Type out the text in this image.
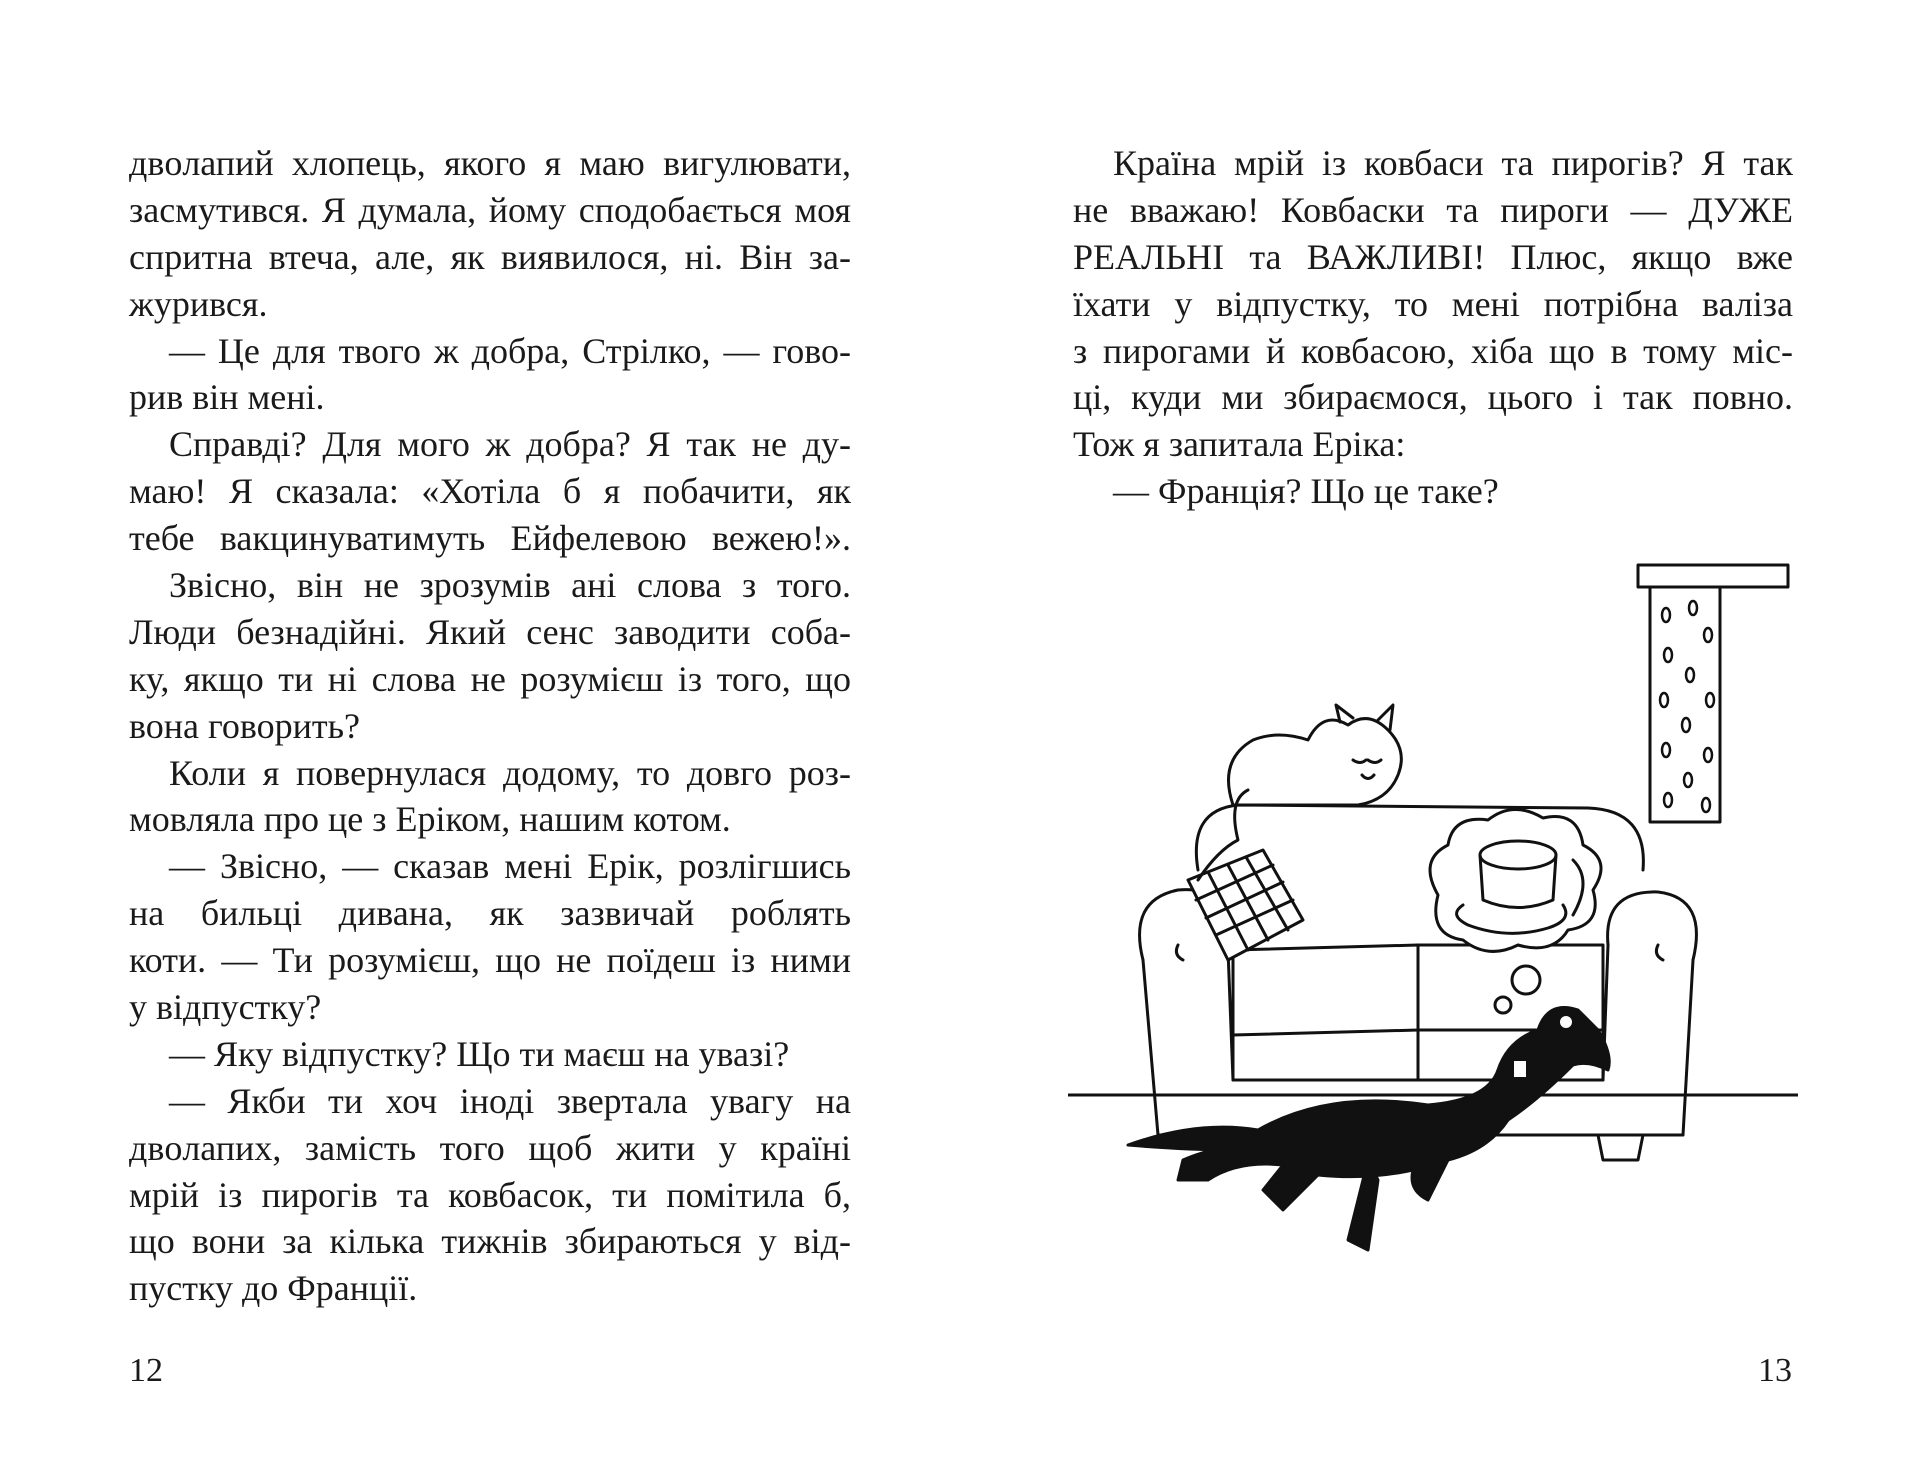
двoлапий хлопець, якого я маю вигулювати,
засмутився. Я думала, йому сподобається моя
спритна втеча, але, як виявилося, ні. Він за-
журився.
— Це для твого ж добра, Стрілко, — гово-
рив він мені.
Справді? Для мого ж добра? Я так не ду-
маю! Я сказала: «Хотіла б я побачити, як
тебе вакцинуватимуть Ейфелевою вежею!».
Звісно, він не зрозумів ані слова з того.
Люди безнадійні. Який сенс заводити соба-
ку, якщо ти ні слова не розумієш із того, що
вона говорить?
Коли я повернулася додому, то довго роз-
мовляла про це з Еріком, нашим котом.
— Звісно, — сказав мені Ерік, розлігшись
на бильці дивана, як зазвичай роблять
коти. — Ти розумієш, що не поїдеш із ними
у відпустку?
— Яку відпустку? Що ти маєш на увазі?
— Якби ти хоч іноді звертала увагу на
двoлапих, замість того щоб жити у країні
мрій із пирогів та ковбасок, ти помітила б,
що вони за кілька тижнів збираються у від-
пустку до Франції.
Країна мрій із ковбаси та пирогів? Я так
не вважаю! Ковбаски та пироги — ДУЖЕ
РЕАЛЬНІ та ВАЖЛИВІ! Плюс, якщо вже
їхати у відпустку, то мені потрібна валіза
з пирогами й ковбасою, хіба що в тому міс-
ці, куди ми збираємося, цього і так повно.
Тож я запитала Еріка:
— Франція? Що це таке?
12	13
